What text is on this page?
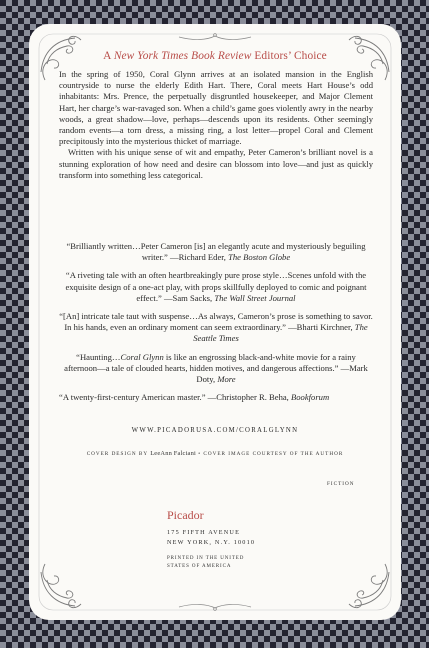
A New York Times Book Review Editors’ Choice

In the spring of 1950, Coral Glynn arrives at an isolated mansion in the English countryside to nurse the elderly Edith Hart. There, Coral meets Hart House’s odd inhabitants: Mrs. Prence, the perpetually disgruntled housekeeper, and Major Clement Hart, her charge’s war-ravaged son. When a child’s game goes violently awry in the nearby woods, a great shadow—love, perhaps—descends upon its residents. Other seemingly random events—a torn dress, a missing ring, a lost letter—propel Coral and Clement precipitously into the mysterious thicket of marriage.

Written with his unique sense of wit and empathy, Peter Cameron’s brilliant novel is a stunning exploration of how need and desire can blossom into love—and just as quickly transform into something less categorical.

“Brilliantly written…Peter Cameron [is] an elegantly acute and mysteriously beguiling writer.” —Richard Eder, The Boston Globe

“A riveting tale with an often heartbreakingly pure prose style…Scenes unfold with the exquisite design of a one-act play, with props skillfully deployed to comic and poignant effect.” —Sam Sacks, The Wall Street Journal

“[An] intricate tale taut with suspense…As always, Cameron’s prose is something to savor. In his hands, even an ordinary moment can seem extraordinary.” —Bharti Kirchner, The Seattle Times

“Haunting…Coral Glynn is like an engrossing black-and-white movie for a rainy afternoon—a tale of clouded hearts, hidden motives, and dangerous affections.” —Mark Doty, More

“A twenty-first-century American master.” —Christopher R. Beha, Bookforum

WWW.PICADORUSA.COM/CORALGLYNN
COVER DESIGN BY LeeAnn Falciani • COVER IMAGE COURTESY OF THE AUTHOR
FICTION
Picador
175 FIFTH AVENUE
NEW YORK, N.Y. 10010
PRINTED IN THE UNITED
STATES OF AMERICA
